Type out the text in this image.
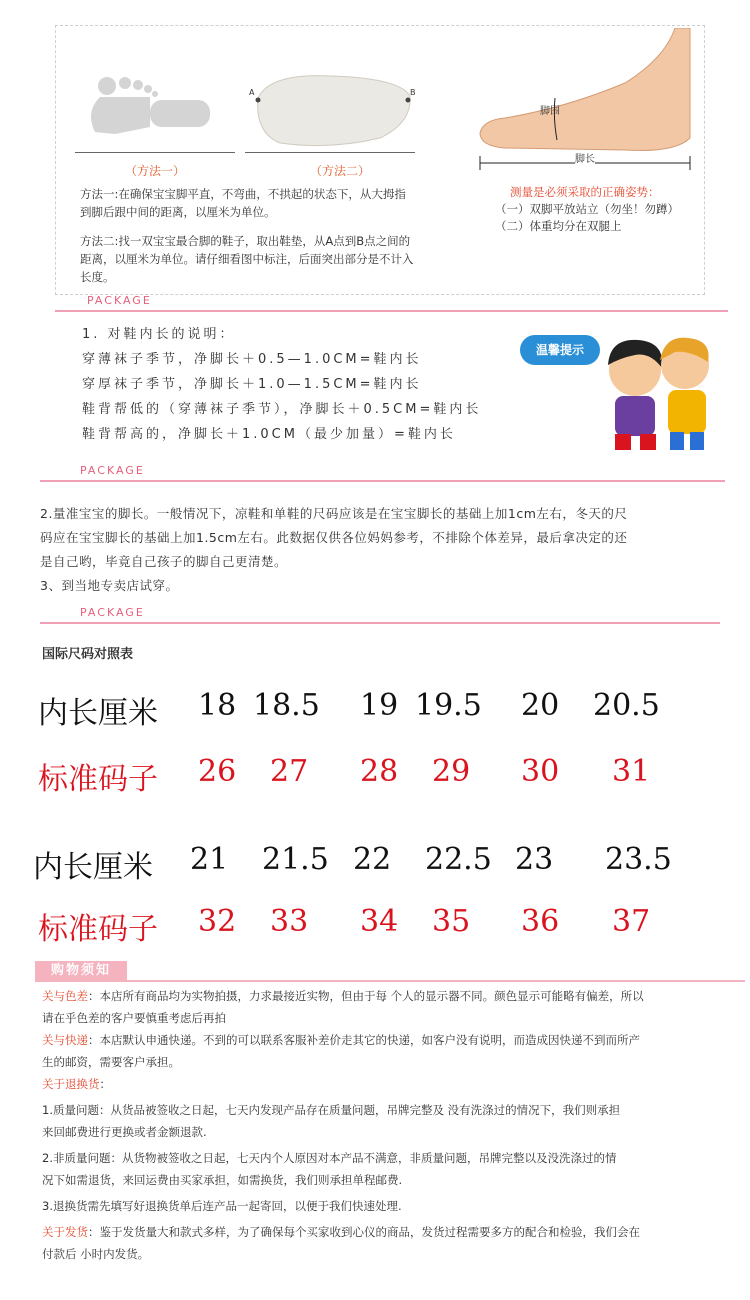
（方法一）
A	B
（方法二）
脚围
脚长
方法一:在确保宝宝脚平直，不弯曲，不拱起的状态下，从大拇指
到脚后跟中间的距离，以厘米为单位。
方法二:找一双宝宝最合脚的鞋子，取出鞋垫，从A点到B点之间的
距离，以厘米为单位。请仔细看图中标注，后面突出部分是不计入
长度。
测量是必须采取的正确姿势：
（一）双脚平放站立（勿坐！勿蹲）
（二）体重均分在双腿上
PACKAGE
1. 对鞋内长的说明：
穿薄袜子季节，净脚长＋0.5—1.0CM=鞋内长
穿厚袜子季节，净脚长＋1.0—1.5CM=鞋内长
鞋背帮低的（穿薄袜子季节），净脚长＋0.5CM=鞋内长
鞋背帮高的，净脚长＋1.0CM（最少加量）=鞋内长
温馨提示
PACKAGE
2.量准宝宝的脚长。一般情况下，凉鞋和单鞋的尺码应该是在宝宝脚长的基础上加1cm左右，冬天的尺
码应在宝宝脚长的基础上加1.5cm左右。此数据仅供各位妈妈参考，不排除个体差异，最后拿决定的还
是自己哟，毕竟自己孩子的脚自己更清楚。
3、到当地专卖店试穿。
PACKAGE
国际尺码对照表
内长厘米 18 18.5 19 19.5 20 20.5
标准码子 26 27 28 29 30 31
内长厘米 21 21.5 22 22.5 23 23.5
标准码子 32 33 34 35 36 37
购物须知
关与色差：本店所有商品均为实物拍摄，力求最接近实物，但由于每 个人的显示器不同。颜色显示可能略有偏差，所以
请在乎色差的客户要慎重考虑后再拍
关与快递：本店默认申通快递。不到的可以联系客服补差价走其它的快递，如客户没有说明，而造成因快递不到而所产
生的邮资，需要客户承担。
关于退换货：
1.质量问题：从货品被签收之日起，七天内发现产品存在质量问题，吊牌完整及 没有洗涤过的情况下，我们则承担
来回邮费进行更换或者金额退款.
2.非质量问题：从货物被签收之日起，七天内个人原因对本产品不满意，非质量问题，吊牌完整以及没洗涤过的情
况下如需退货，来回运费由买家承担，如需换货，我们则承担单程邮费.
3.退换货需先填写好退换货单后连产品一起寄回，以便于我们快速处理.
关于发货：鉴于发货量大和款式多样，为了确保每个买家收到心仪的商品，发货过程需要多方的配合和检验，我们会在
付款后 小时内发货。
